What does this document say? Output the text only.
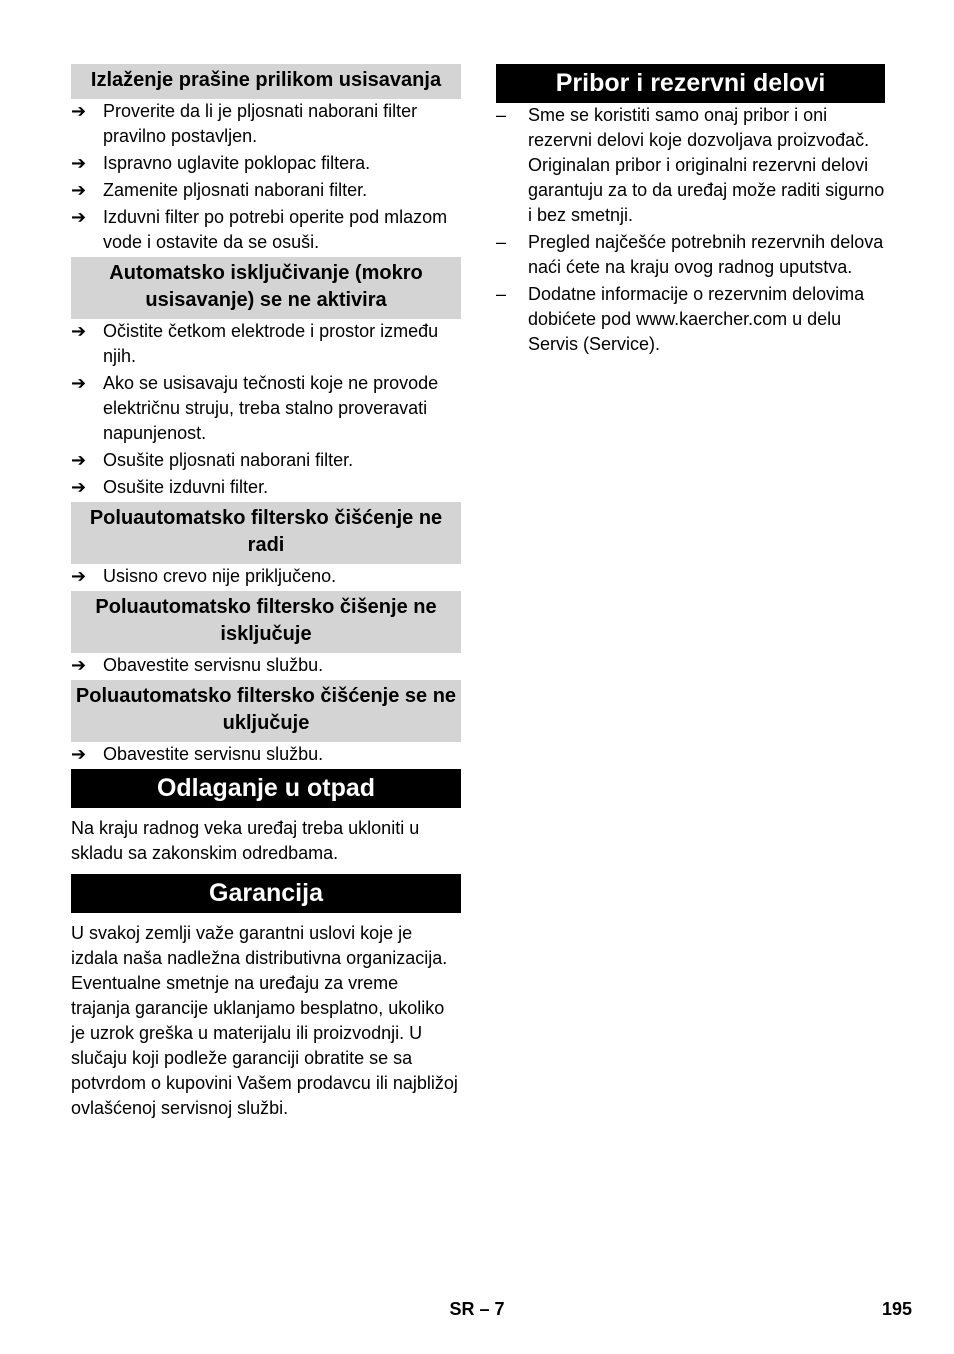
Izlaženje prašine prilikom usisavanja
➔ Proverite da li je pljosnati naborani filter pravilno postavljen.
➔ Ispravno uglavite poklopac filtera.
➔ Zamenite pljosnati naborani filter.
➔ Izduvni filter po potrebi operite pod mlazom vode i ostavite da se osuši.
Automatsko isključivanje (mokro usisavanje) se ne aktivira
➔ Očistite četkom elektrode i prostor između njih.
➔ Ako se usisavaju tečnosti koje ne provode električnu struju, treba stalno proveravati napunjenost.
➔ Osušite pljosnati naborani filter.
➔ Osušite izduvni filter.
Poluautomatsko filtersko čišćenje ne radi
➔ Usisno crevo nije priključeno.
Poluautomatsko filtersko čišenje ne isključuje
➔ Obavestite servisnu službu.
Poluautomatsko filtersko čišćenje se ne uključuje
➔ Obavestite servisnu službu.
Odlaganje u otpad

Na kraju radnog veka uređaj treba ukloniti u skladu sa zakonskim odredbama.

Garancija

U svakoj zemlji važe garantni uslovi koje je izdala naša nadležna distributivna organizacija. Eventualne smetnje na uređaju za vreme trajanja garancije uklanjamo besplatno, ukoliko je uzrok greška u materijalu ili proizvodnji. U slučaju koji podleže garanciji obratite se sa potvrdom o kupovini Vašem prodavcu ili najbližoj ovlašćenoj servisnoj službi.

Pribor i rezervni delovi
– Sme se koristiti samo onaj pribor i oni rezervni delovi koje dozvoljava proizvođač. Originalan pribor i originalni rezervni delovi garantuju za to da uređaj može raditi sigurno i bez smetnji.
– Pregled najčešće potrebnih rezervnih delova naći ćete na kraju ovog radnog uputstva.
– Dodatne informacije o rezervnim delovima dobićete pod www.kaercher.com u delu Servis (Service).
SR – 7	195
